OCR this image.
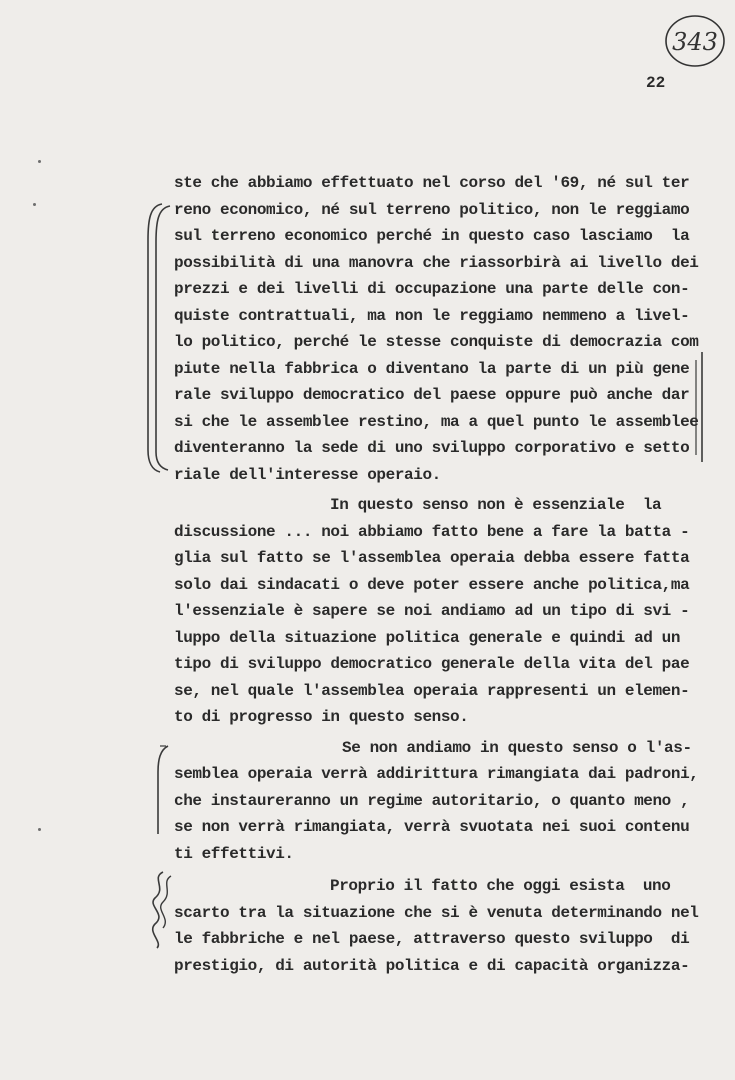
343
22
ste che abbiamo effettuato nel corso del '69, né sul ter
reno economico, né sul terreno politico, non le reggiamo
sul terreno economico perché in questo caso lasciamo  la
possibilità di una manovra che riassorbirà ai livello dei
prezzi e dei livelli di occupazione una parte delle con-
quiste contrattuali, ma non le reggiamo nemmeno a livel-
lo politico, perché le stesse conquiste di democrazia com
piute nella fabbrica o diventano la parte di un più gene
rale sviluppo democratico del paese oppure può anche dar
si che le assemblee restino, ma a quel punto le assemblee
diventeranno la sede di uno sviluppo corporativo e setto
riale dell'interesse operaio.
In questo senso non è essenziale  la
discussione ... noi abbiamo fatto bene a fare la batta -
glia sul fatto se l'assemblea operaia debba essere fatta
solo dai sindacati o deve poter essere anche politica,ma
l'essenziale è sapere se noi andiamo ad un tipo di svi -
luppo della situazione politica generale e quindi ad un
tipo di sviluppo democratico generale della vita del pae
se, nel quale l'assemblea operaia rappresenti un elemen-
to di progresso in questo senso.
Se non andiamo in questo senso o l'as-
semblea operaia verrà addirittura rimangiata dai padroni,
che instaureranno un regime autoritario, o quanto meno ,
se non verrà rimangiata, verrà svuotata nei suoi contenu
ti effettivi.
Proprio il fatto che oggi esista  uno
scarto tra la situazione che si è venuta determinando nel
le fabbriche e nel paese, attraverso questo sviluppo  di
prestigio, di autorità politica e di capacità organizza-
